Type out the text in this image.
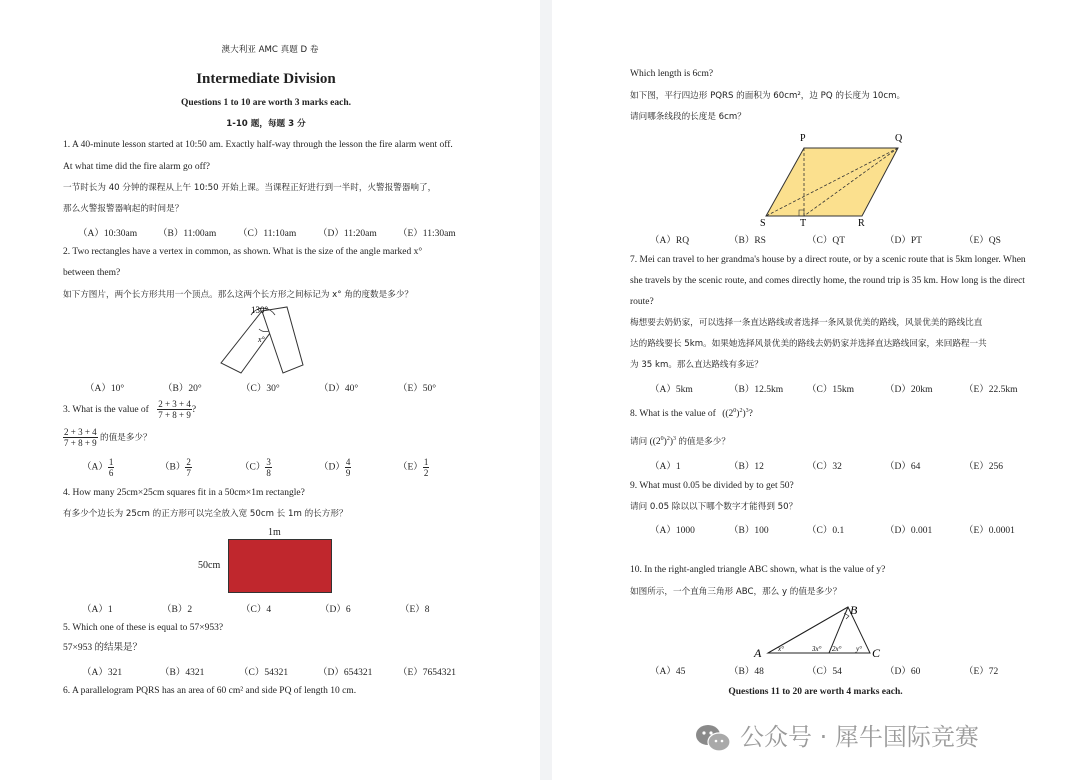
澳大利亚 AMC 真题 D 卷
Intermediate Division
Questions 1 to 10 are worth 3 marks each.
1-10 题，每题 3 分
1. A 40-minute lesson started at 10:50 am. Exactly half-way through the lesson the fire alarm went off.
At what time did the fire alarm go off?
一节时长为 40 分钟的课程从上午 10:50 开始上课。当课程正好进行到一半时，火警报警器响了，
那么火警报警器响起的时间是？
（A）10:30am （B）11:00am （C）11:10am （D）11:20am （E）11:30am
2. Two rectangles have a vertex in common, as shown. What is the size of the angle marked x°
between them?
如下方图片，两个长方形共用一个顶点。那么这两个长方形之间标记为 x° 角的度数是多少？
130°
x°
（A）10°	（B）20°	（C）30°	（D）40°	（E）50°
3. What is the value of $\frac{2 + 3 + 4}{7 + 8 + 9}$ ?
$\frac{2 + 3 + 4}{7 + 8 + 9}$ 的值是多少？
$(A) \frac{1}{6}$	$(B) \frac{2}{7}$	$(C) \frac{3}{8}$	$(D) \frac{4}{9}$	$(E) \frac{1}{2}$
4. How many 25cm×25cm squares fit in a 50cm×1m rectangle?
有多少个边长为 25cm 的正方形可以完全放入宽 50cm 长 1m 的长方形？
1m
50cm
（A）1	（B）2	（C）4	（D）6	（E）8
5. Which one of these is equal to 57×953?
57×953 的结果是？
（A）321	（B）4321	（C）54321	（D）654321	（E）7654321
6. A parallelogram PQRS has an area of 60 cm² and side PQ of length 10 cm.
Which length is 6cm?
如下图，平行四边形 PQRS 的面积为 60cm²，边 PQ 的长度为 10cm。
请问哪条线段的长度是 6cm？
P	Q
S	T	R
（A）RQ	（B）RS	（C）QT	（D）PT	（E）QS
7. Mei can travel to her grandma's house by a direct route, or by a scenic route that is 5km longer. When
she travels by the scenic route, and comes directly home, the round trip is 35 km. How long is the direct
route?
梅想要去奶奶家，可以选择一条直达路线或者选择一条风景优美的路线，风景优美的路线比直
达的路线要长 5km。如果她选择风景优美的路线去奶奶家并选择直达路线回家，来回路程一共
为 35 km。那么直达路线有多远？
（A）5km	（B）12.5km	（C）15km	（D）20km	（E）22.5km
8. What is the value of $((2^0)^2)^3$?
请问 $((2^0)^2)^3$ 的值是多少？
（A）1	（B）12	（C）32	（D）64	（E）256
9. What must 0.05 be divided by to get 50?
请问 0.05 除以以下哪个数字才能得到 50？
（A）1000	（B）100	（C）0.1	（D）0.001	（E）0.0001
10. In the right-angled triangle ABC shown, what is the value of y?
如图所示，一个直角三角形 ABC，那么 y 的值是多少？
A
B
C
x°	3x° 2x° y°
（A）45	（B）48	（C）54	（D）60	（E）72
Questions 11 to 20 are worth 4 marks each.
公众号 · 犀牛国际竞赛
